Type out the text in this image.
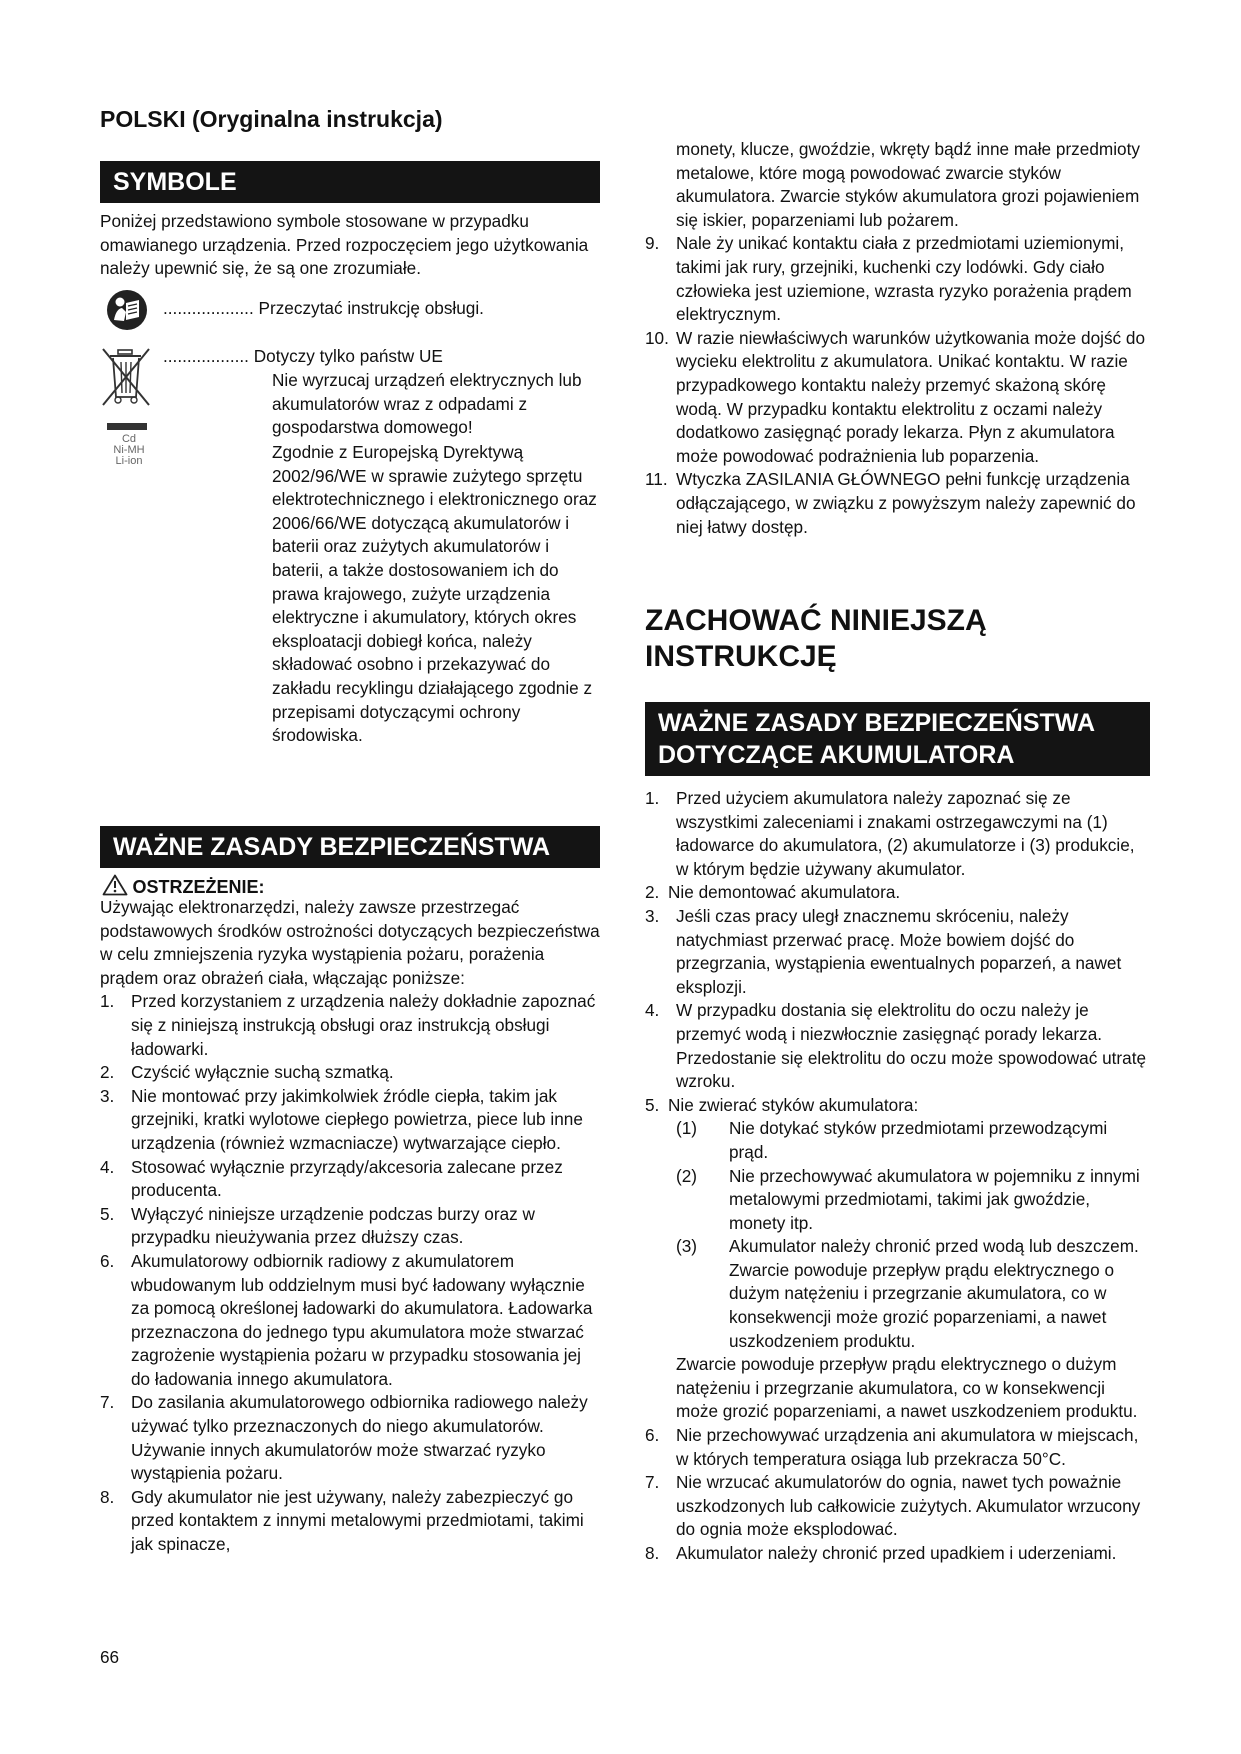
POLSKI (Oryginalna instrukcja)
SYMBOLE

Poniżej przedstawiono symbole stosowane w przypadku omawianego urządzenia. Przed rozpoczęciem jego użytkowania należy upewnić się, że są one zrozumiałe.

................... Przeczytać instrukcję obsługi.

Cd
Ni-MH
Li-ion

.................. Dotyczy tylko państw UE

Nie wyrzucaj urządzeń elektrycznych lub akumulatorów wraz z odpadami z gospodarstwa domowego!

Zgodnie z Europejską Dyrektywą 2002/96/WE w sprawie zużytego sprzętu elektrotechnicznego i elektronicznego oraz 2006/66/WE dotyczącą akumulatorów i baterii oraz zużytych akumulatorów i baterii, a także dostosowaniem ich do prawa krajowego, zużyte urządzenia elektryczne i akumulatory, których okres eksploatacji dobiegł końca, należy składować osobno i przekazywać do zakładu recyklingu działającego zgodnie z przepisami dotyczącymi ochrony środowiska.

WAŻNE ZASADY BEZPIECZEŃSTWA
OSTRZEŻENIE:

Używając elektronarzędzi, należy zawsze przestrzegać podstawowych środków ostrożności dotyczących bezpieczeństwa w celu zmniejszenia ryzyka wystąpienia pożaru, porażenia prądem oraz obrażeń ciała, włączając poniższe:

1. Przed korzystaniem z urządzenia należy dokładnie zapoznać się z niniejszą instrukcją obsługi oraz instrukcją obsługi ładowarki.
2. Czyścić wyłącznie suchą szmatką.
3. Nie montować przy jakimkolwiek źródle ciepła, takim jak grzejniki, kratki wylotowe ciepłego powietrza, piece lub inne urządzenia (również wzmacniacze) wytwarzające ciepło.
4. Stosować wyłącznie przyrządy/akcesoria zalecane przez producenta.
5. Wyłączyć niniejsze urządzenie podczas burzy oraz w przypadku nieużywania przez dłuższy czas.
6. Akumulatorowy odbiornik radiowy z akumulatorem wbudowanym lub oddzielnym musi być ładowany wyłącznie za pomocą określonej ładowarki do akumulatora. Ładowarka przeznaczona do jednego typu akumulatora może stwarzać zagrożenie wystąpienia pożaru w przypadku stosowania jej do ładowania innego akumulatora.
7. Do zasilania akumulatorowego odbiornika radiowego należy używać tylko przeznaczonych do niego akumulatorów. Używanie innych akumulatorów może stwarzać ryzyko wystąpienia pożaru.
8. Gdy akumulator nie jest używany, należy zabezpieczyć go przed kontaktem z innymi metalowymi przedmiotami, takimi jak spinacze,
monety, klucze, gwoździe, wkręty bądź inne małe przedmioty metalowe, które mogą powodować zwarcie styków akumulatora. Zwarcie styków akumulatora grozi pojawieniem się iskier, poparzeniami lub pożarem.
9. Nale ży unikać kontaktu ciała z przedmiotami uziemionymi, takimi jak rury, grzejniki, kuchenki czy lodówki. Gdy ciało człowieka jest uziemione, wzrasta ryzyko porażenia prądem elektrycznym.
10. W razie niewłaściwych warunków użytkowania może dojść do wycieku elektrolitu z akumulatora. Unikać kontaktu. W razie przypadkowego kontaktu należy przemyć skażoną skórę wodą. W przypadku kontaktu elektrolitu z oczami należy dodatkowo zasięgnąć porady lekarza. Płyn z akumulatora może powodować podrażnienia lub poparzenia.
11. Wtyczka ZASILANIA GŁÓWNEGO pełni funkcję urządzenia odłączającego, w związku z powyższym należy zapewnić do niej łatwy dostęp.
ZACHOWAĆ NINIEJSZĄ
INSTRUKCJĘ
WAŻNE ZASADY BEZPIECZEŃSTWA
DOTYCZĄCE AKUMULATORA
1. Przed użyciem akumulatora należy zapoznać się ze wszystkimi zaleceniami i znakami ostrzegawczymi na (1) ładowarce do akumulatora, (2) akumulatorze i (3) produkcie, w którym będzie używany akumulator.
2. Nie demontować akumulatora.
3. Jeśli czas pracy uległ znacznemu skróceniu, należy natychmiast przerwać pracę. Może bowiem dojść do przegrzania, wystąpienia ewentualnych poparzeń, a nawet eksplozji.
4. W przypadku dostania się elektrolitu do oczu należy je przemyć wodą i niezwłocznie zasięgnąć porady lekarza. Przedostanie się elektrolitu do oczu może spowodować utratę wzroku.
5. Nie zwierać styków akumulatora:
(1) Nie dotykać styków przedmiotami przewodzącymi prąd.
(2) Nie przechowywać akumulatora w pojemniku z innymi metalowymi przedmiotami, takimi jak gwoździe, monety itp.
(3) Akumulator należy chronić przed wodą lub deszczem. Zwarcie powoduje przepływ prądu elektrycznego o dużym natężeniu i przegrzanie akumulatora, co w konsekwencji może grozić poparzeniami, a nawet uszkodzeniem produktu.

Zwarcie powoduje przepływ prądu elektrycznego o dużym natężeniu i przegrzanie akumulatora, co w konsekwencji może grozić poparzeniami, a nawet uszkodzeniem produktu.

6. Nie przechowywać urządzenia ani akumulatora w miejscach, w których temperatura osiąga lub przekracza 50°C.
7. Nie wrzucać akumulatorów do ognia, nawet tych poważnie uszkodzonych lub całkowicie zużytych. Akumulator wrzucony do ognia może eksplodować.
8. Akumulator należy chronić przed upadkiem i uderzeniami.
66
